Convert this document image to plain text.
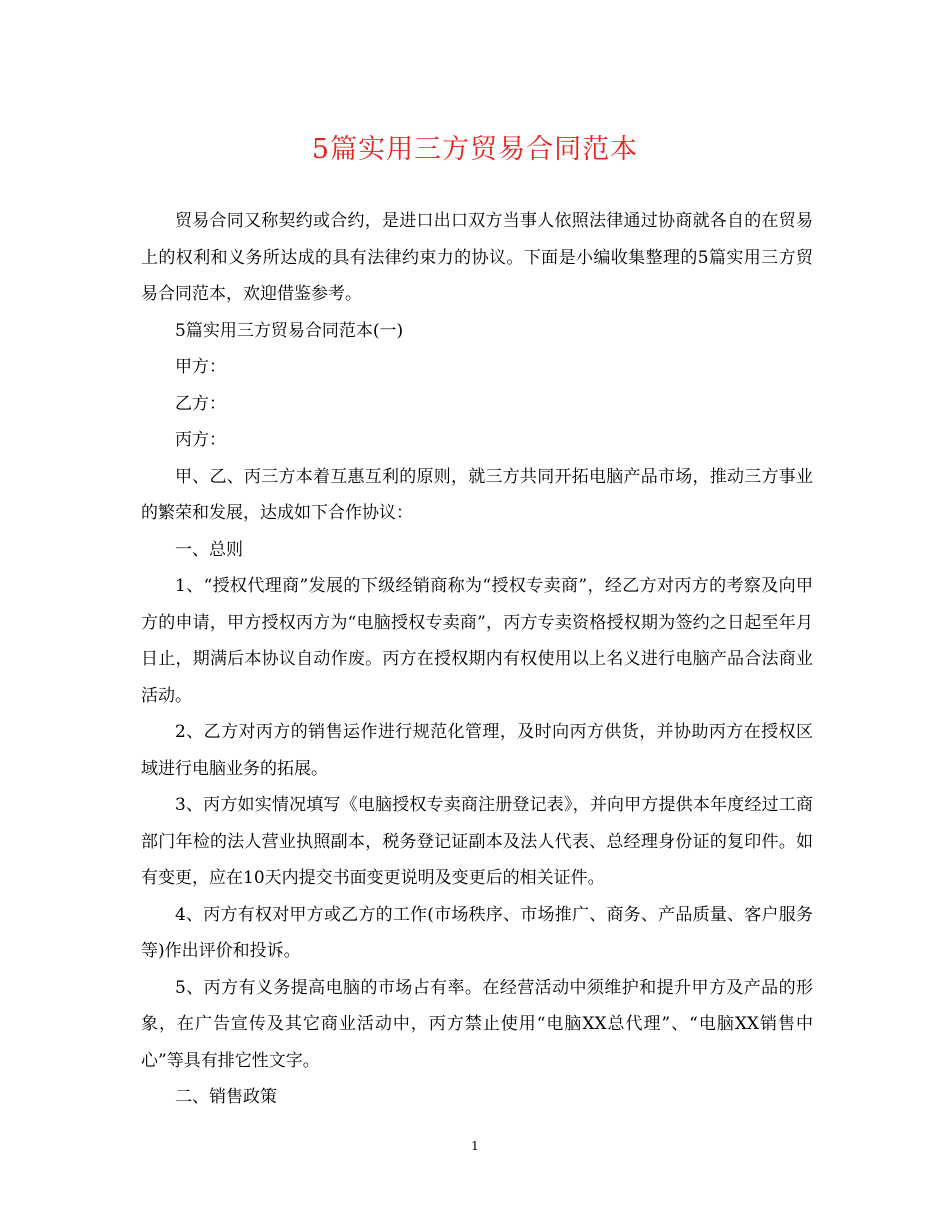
5篇实用三方贸易合同范本

贸易合同又称契约或合约，是进口出口双方当事人依照法律通过协商就各自的在贸易上的权利和义务所达成的具有法律约束力的协议。下面是小编收集整理的5篇实用三方贸易合同范本，欢迎借鉴参考。

5篇实用三方贸易合同范本(一)

甲方：

乙方：

丙方：

甲、乙、丙三方本着互惠互利的原则，就三方共同开拓电脑产品市场，推动三方事业的繁荣和发展，达成如下合作协议：

一、总则

1、“授权代理商”发展的下级经销商称为“授权专卖商”，经乙方对丙方的考察及向甲方的申请，甲方授权丙方为“电脑授权专卖商”，丙方专卖资格授权期为签约之日起至年月日止，期满后本协议自动作废。丙方在授权期内有权使用以上名义进行电脑产品合法商业活动。

2、乙方对丙方的销售运作进行规范化管理，及时向丙方供货，并协助丙方在授权区域进行电脑业务的拓展。

3、丙方如实情况填写《电脑授权专卖商注册登记表》，并向甲方提供本年度经过工商部门年检的法人营业执照副本，税务登记证副本及法人代表、总经理身份证的复印件。如有变更，应在10天内提交书面变更说明及变更后的相关证件。

4、丙方有权对甲方或乙方的工作(市场秩序、市场推广、商务、产品质量、客户服务等)作出评价和投诉。

5、丙方有义务提高电脑的市场占有率。在经营活动中须维护和提升甲方及产品的形象，在广告宣传及其它商业活动中，丙方禁止使用“电脑XX总代理”、“电脑XX销售中心”等具有排它性文字。

二、销售政策

1
